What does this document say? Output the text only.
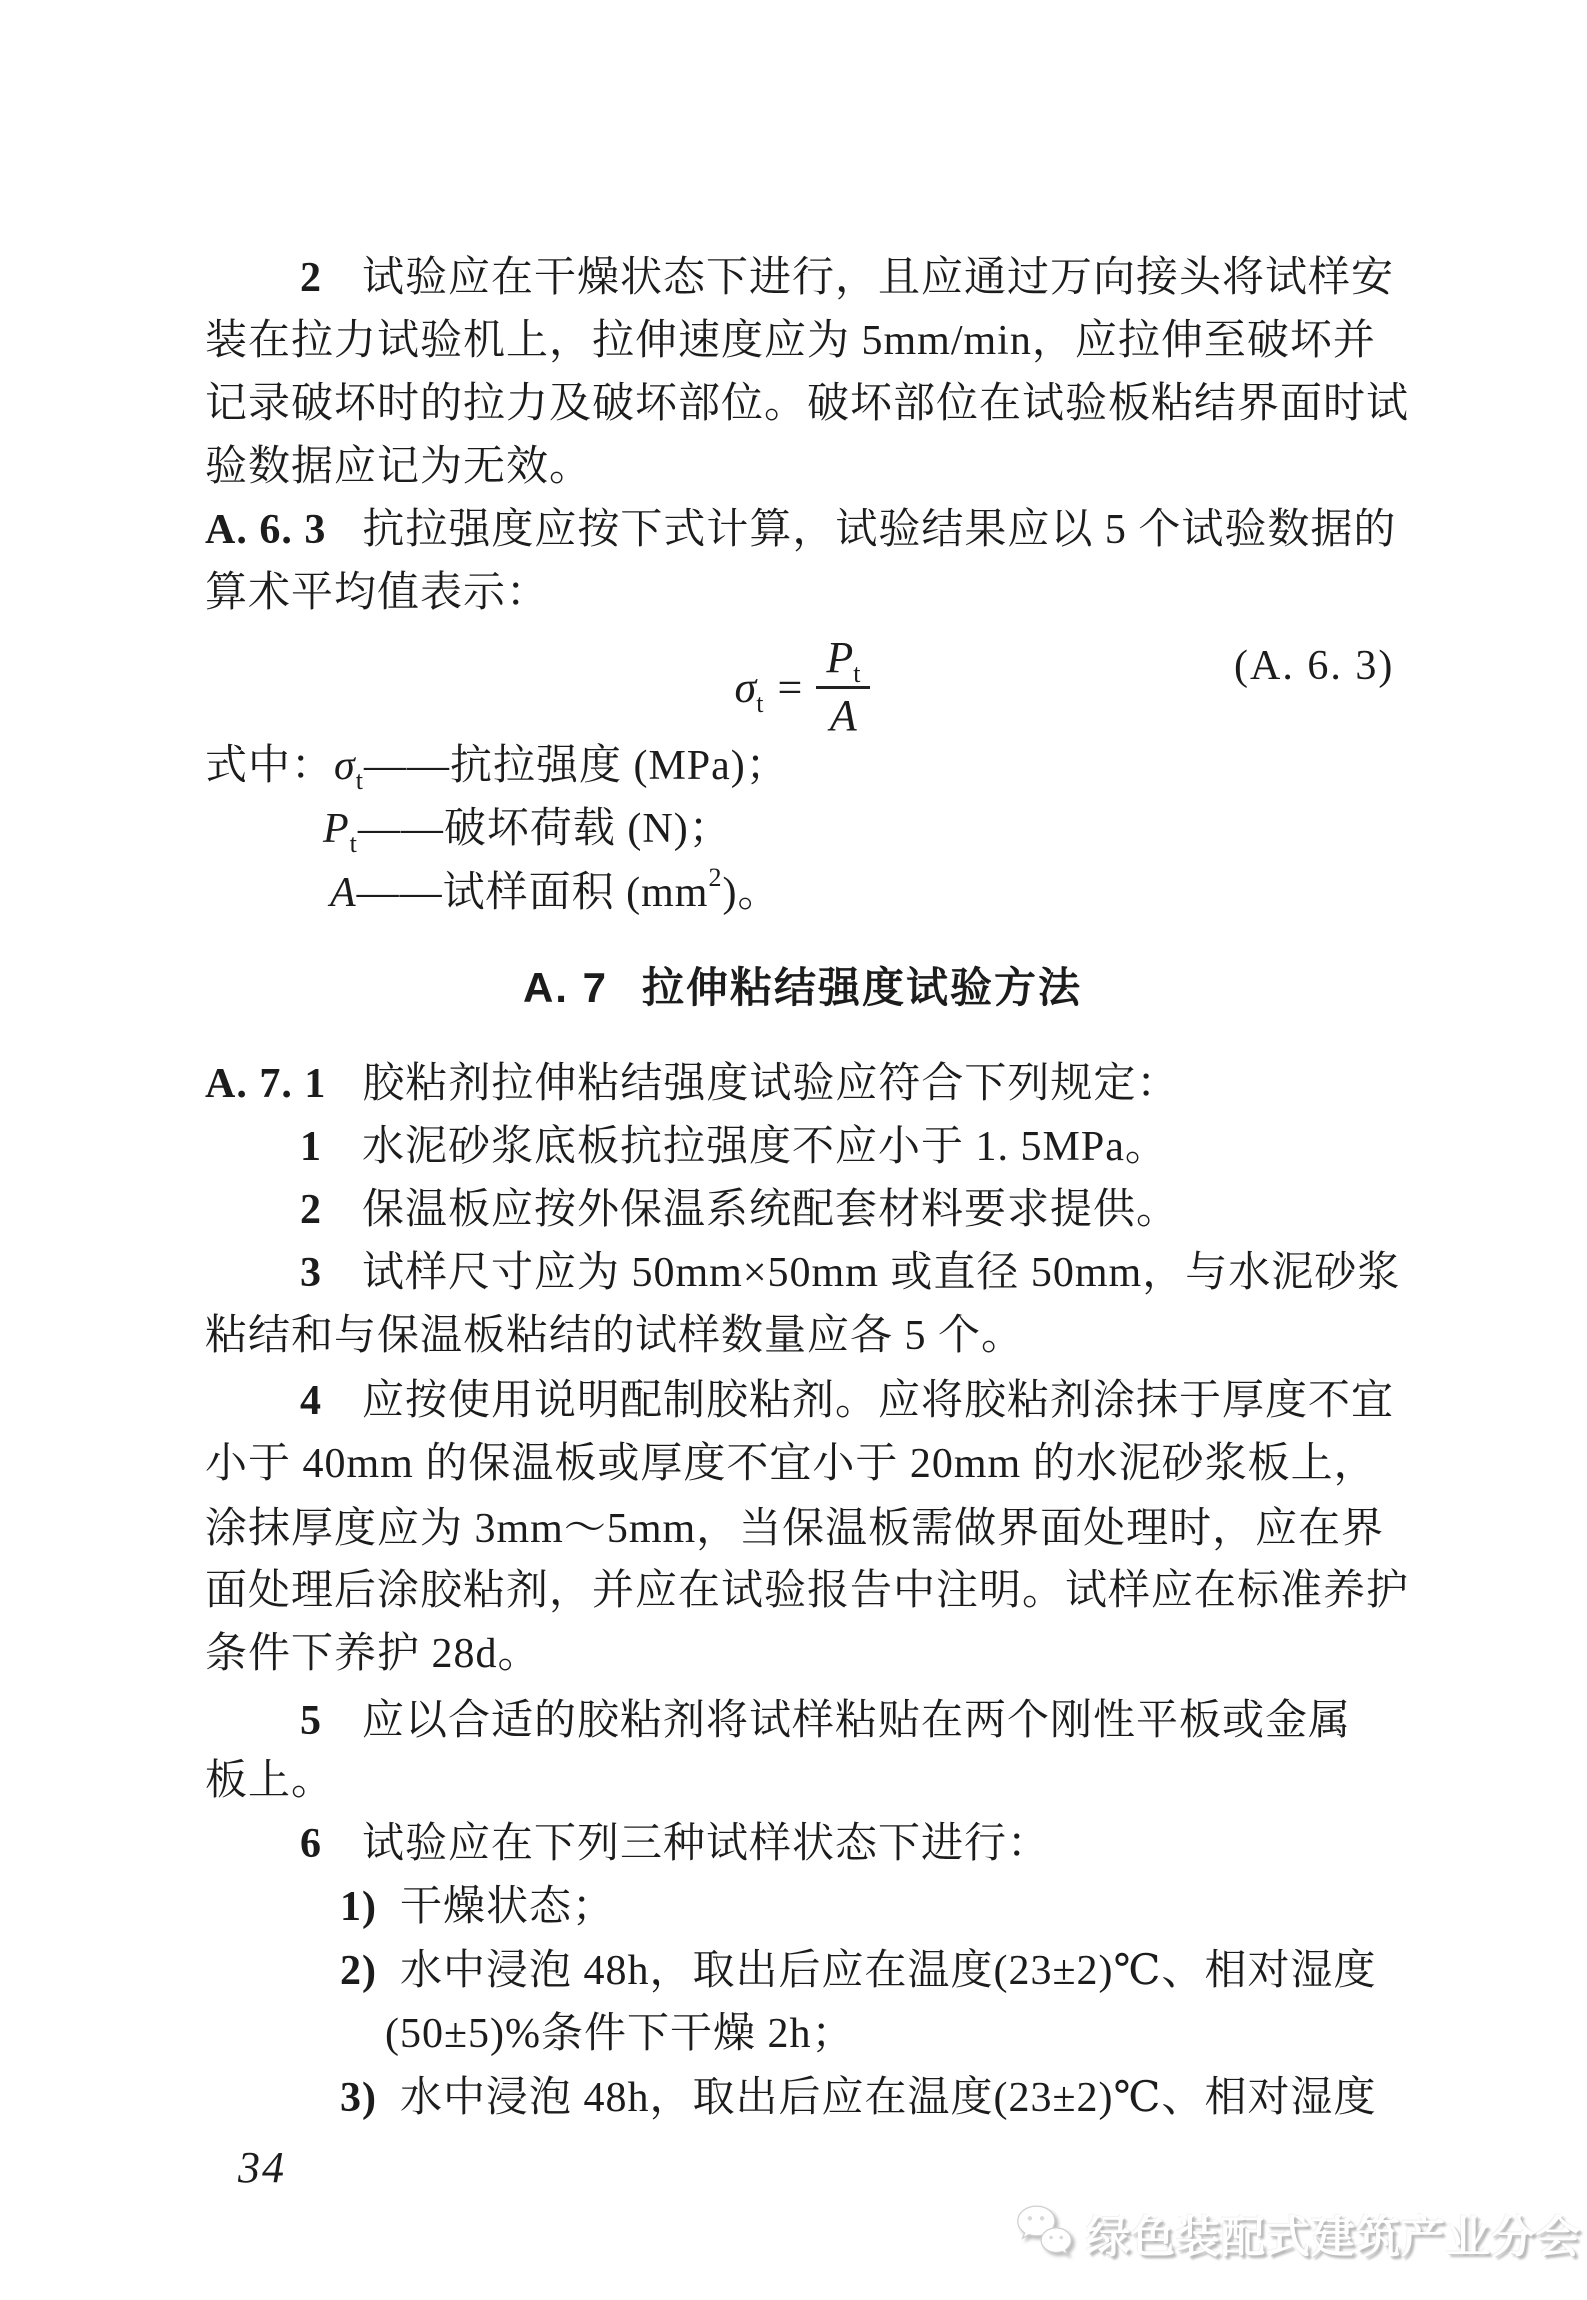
2 试验应在干燥状态下进行，且应通过万向接头将试样安
装在拉力试验机上，拉伸速度应为 5mm/min，应拉伸至破坏并
记录破坏时的拉力及破坏部位。破坏部位在试验板粘结界面时试
验数据应记为无效。
A. 6. 3 抗拉强度应按下式计算，试验结果应以 5 个试验数据的
算术平均值表示：
$\sigma_t = \frac{P_t}{A}$	(A. 6. 3)
式中：$\sigma_t——$抗拉强度 (MPa)；
$P_t——$破坏荷载 (N)；
A——试样面积 $(mm^2)$。
A. 7 拉伸粘结强度试验方法
A. 7. 1 胶粘剂拉伸粘结强度试验应符合下列规定：
1 水泥砂浆底板抗拉强度不应小于 1. 5MPa。
2 保温板应按外保温系统配套材料要求提供。
3 试样尺寸应为 50mm×50mm 或直径 50mm，与水泥砂浆
粘结和与保温板粘结的试样数量应各 5 个。
4 应按使用说明配制胶粘剂。应将胶粘剂涂抹于厚度不宜
小于 40mm 的保温板或厚度不宜小于 20mm 的水泥砂浆板上，
涂抹厚度应为 3mm～5mm，当保温板需做界面处理时，应在界
面处理后涂胶粘剂，并应在试验报告中注明。试样应在标准养护
条件下养护 28d。
5 应以合适的胶粘剂将试样粘贴在两个刚性平板或金属
板上。
6 试验应在下列三种试样状态下进行：
1) 干燥状态；
2) 水中浸泡 48h，取出后应在温度(23±2)℃、相对湿度
(50±5)%条件下干燥 2h；
3) 水中浸泡 48h，取出后应在温度(23±2)℃、相对湿度
34
绿色装配式建筑产业分会
